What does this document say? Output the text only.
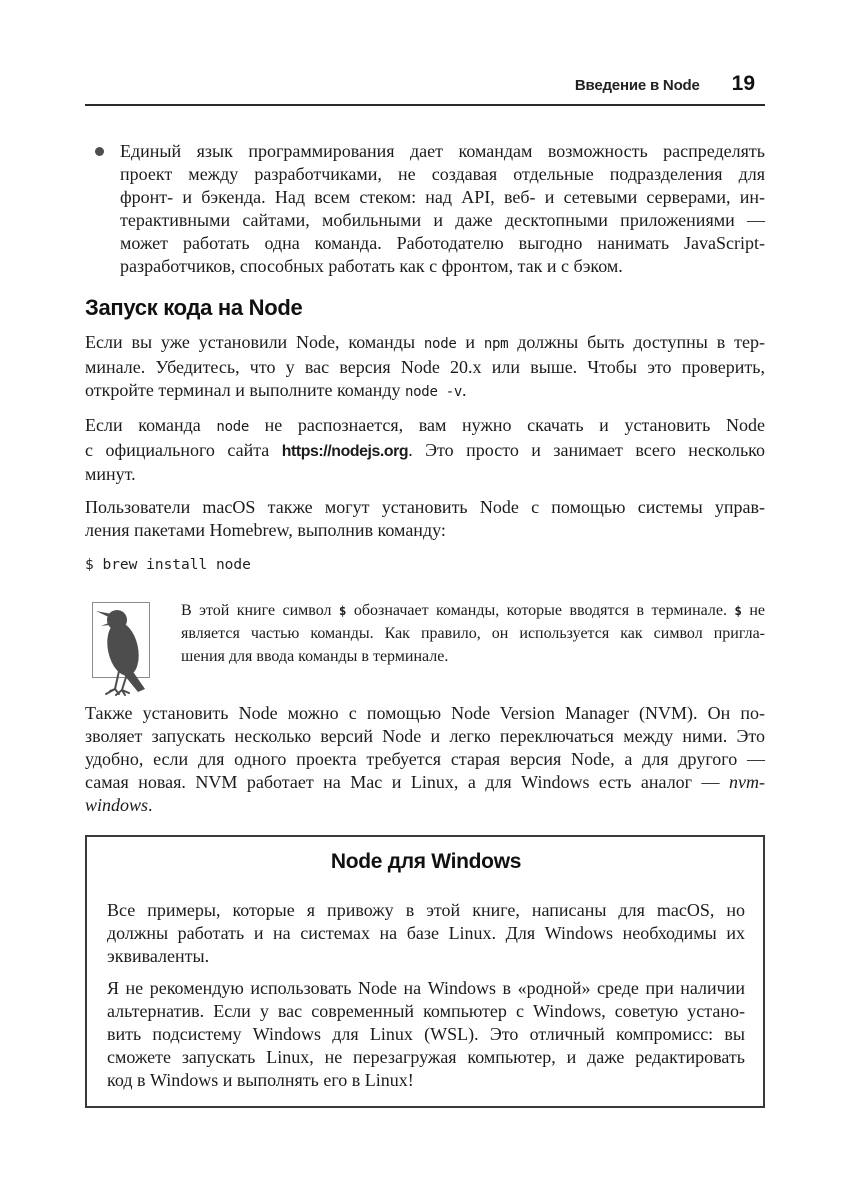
Введение в Node 19
Единый язык программирования дает командам возможность распределять
проект между разработчиками, не создавая отдельные подразделения для
фронт- и бэкенда. Над всем стеком: над API, веб- и сетевыми серверами, ин-
терактивными сайтами, мобильными и даже десктопными приложениями —
может работать одна команда. Работодателю выгодно нанимать JavaScript-
разработчиков, способных работать как с фронтом, так и с бэком.
Запуск кода на Node
Если вы уже установили Node, команды node и npm должны быть доступны в тер-
минале. Убедитесь, что у вас версия Node 20.x или выше. Чтобы это проверить,
откройте терминал и выполните команду node -v.
Если команда node не распознается, вам нужно скачать и установить Node
с официального сайта https://nodejs.org. Это просто и занимает всего несколько
минут.
Пользователи macOS также могут установить Node с помощью системы управ-
ления пакетами Homebrew, выполнив команду:
$ brew install node
В этой книге символ $ обозначает команды, которые вводятся в терминале. $ не
является частью команды. Как правило, он используется как символ пригла-
шения для ввода команды в терминале.
Также установить Node можно с помощью Node Version Manager (NVM). Он по-
зволяет запускать несколько версий Node и легко переключаться между ними. Это
удобно, если для одного проекта требуется старая версия Node, а для другого —
самая новая. NVM работает на Mac и Linux, а для Windows есть аналог — nvm-
windows.
Node для Windows
Все примеры, которые я привожу в этой книге, написаны для macOS, но
должны работать и на системах на базе Linux. Для Windows необходимы их
эквиваленты.
Я не рекомендую использовать Node на Windows в «родной» среде при наличии
альтернатив. Если у вас современный компьютер с Windows, советую устано-
вить подсистему Windows для Linux (WSL). Это отличный компромисс: вы
сможете запускать Linux, не перезагружая компьютер, и даже редактировать
код в Windows и выполнять его в Linux!
